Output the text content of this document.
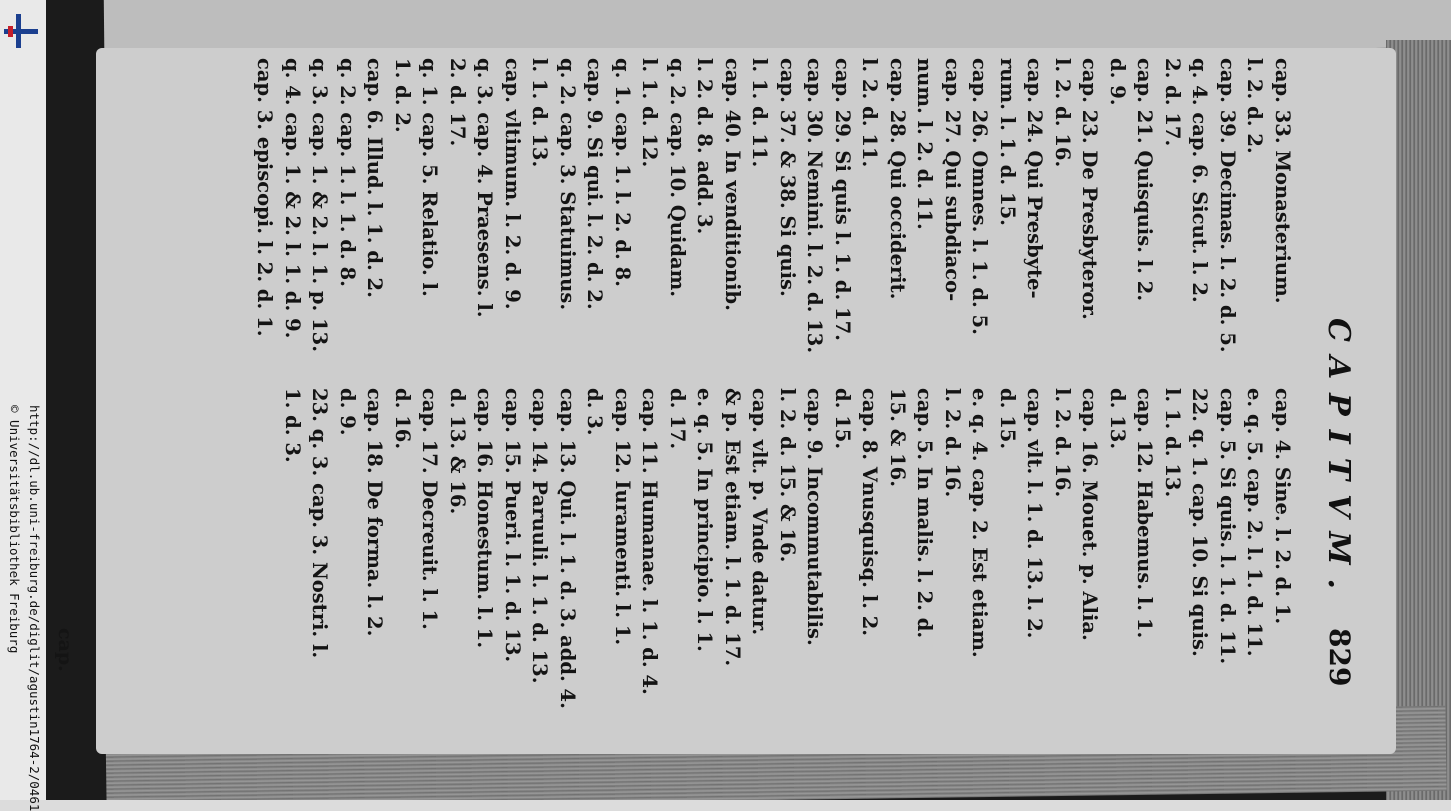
http://dl.ub.uni-freiburg.de/diglit/agustin1764-2/0461
© Universitätsbibliothek Freiburg	CAPITVM.
829
cap. 33. Monasterium.
l. 2. d. 2.
cap. 39. Decimas. l. 2. d. 5.
q. 4. cap. 6. Sicut. l. 2.
2. d. 17.
cap. 21. Quisquis. l. 2.
d. 9.
cap. 23. De Presbyteror.
l. 2. d. 16.
cap. 24. Qui Presbyte-
rum. l. 1. d. 15.
cap. 26. Omnes. l. 1. d. 5.
cap. 27. Qui subdiaco-
num. l. 2. d. 11.
cap. 28. Qui occiderit.
l. 2. d. 11.
cap. 29. Si quis l. 1. d. 17.
cap. 30. Nemini. l. 2. d. 13.
cap. 37. & 38. Si quis.
l. 1. d. 11.
cap. 40. In venditionib.
l. 2. d. 8. add. 3.
q. 2. cap. 10. Quidam.
l. 1. d. 12.
q. 1. cap. 1. l. 2. d. 8.
cap. 9. Si qui. l. 2. d. 2.
q. 2. cap. 3. Statuimus.
l. 1. d. 13.
cap. vltimum. l. 2. d. 9.
q. 3. cap. 4. Praesens. l.
2. d. 17.
q. 1. cap. 5. Relatio. l.
1. d. 2.
cap. 6. Illud. l. 1. d. 2.
q. 2. cap. 1. l. 1. d. 8.
q. 3. cap. 1. & 2. l. 1. p. 13.
q. 4. cap. 1. & 2. l. 1. d. 9.
cap. 3. episcopi. l. 2. d. 1.
cap. 4. Sine. l. 2. d. 1.
e. q. 5. cap. 2. l. 1. d. 11.
cap. 5. Si quis. l. 1. d. 11.
22. q. 1. cap. 10. Si quis.
l. 1. d. 13.
cap. 12. Habemus. l. 1.
d. 13.
cap. 16. Mouet. p. Alia.
l. 2. d. 16.
cap. vlt. l. 1. d. 13. l. 2.
d. 15.
e. q. 4. cap. 2. Est etiam.
l. 2. d. 16.
cap. 5. In malis. l. 2. d.
15. & 16.
cap. 8. Vnusquisq. l. 2.
d. 15.
cap. 9. Incommutabilis.
l. 2. d. 15. & 16.
cap. vlt. p. Vnde datur.
& p. Est etiam. l. 1. d. 17.
e. q. 5. In principio. l. 1.
d. 17.
cap. 11. Humanae. l. 1. d. 4.
cap. 12. Iuramenti. l. 1.
d. 3.
cap. 13. Qui. l. 1. d. 3. add. 4.
cap. 14. Paruuli. l. 1. d. 13.
cap. 15. Pueri. l. 1. d. 13.
cap. 16. Honestum. l. 1.
d. 13. & 16.
cap. 17. Decreuit. l. 1.
d. 16.
cap. 18. De forma. l. 2.
d. 9.
23. q. 3. cap. 3. Nostri. l.
1. d. 3.
cap.
